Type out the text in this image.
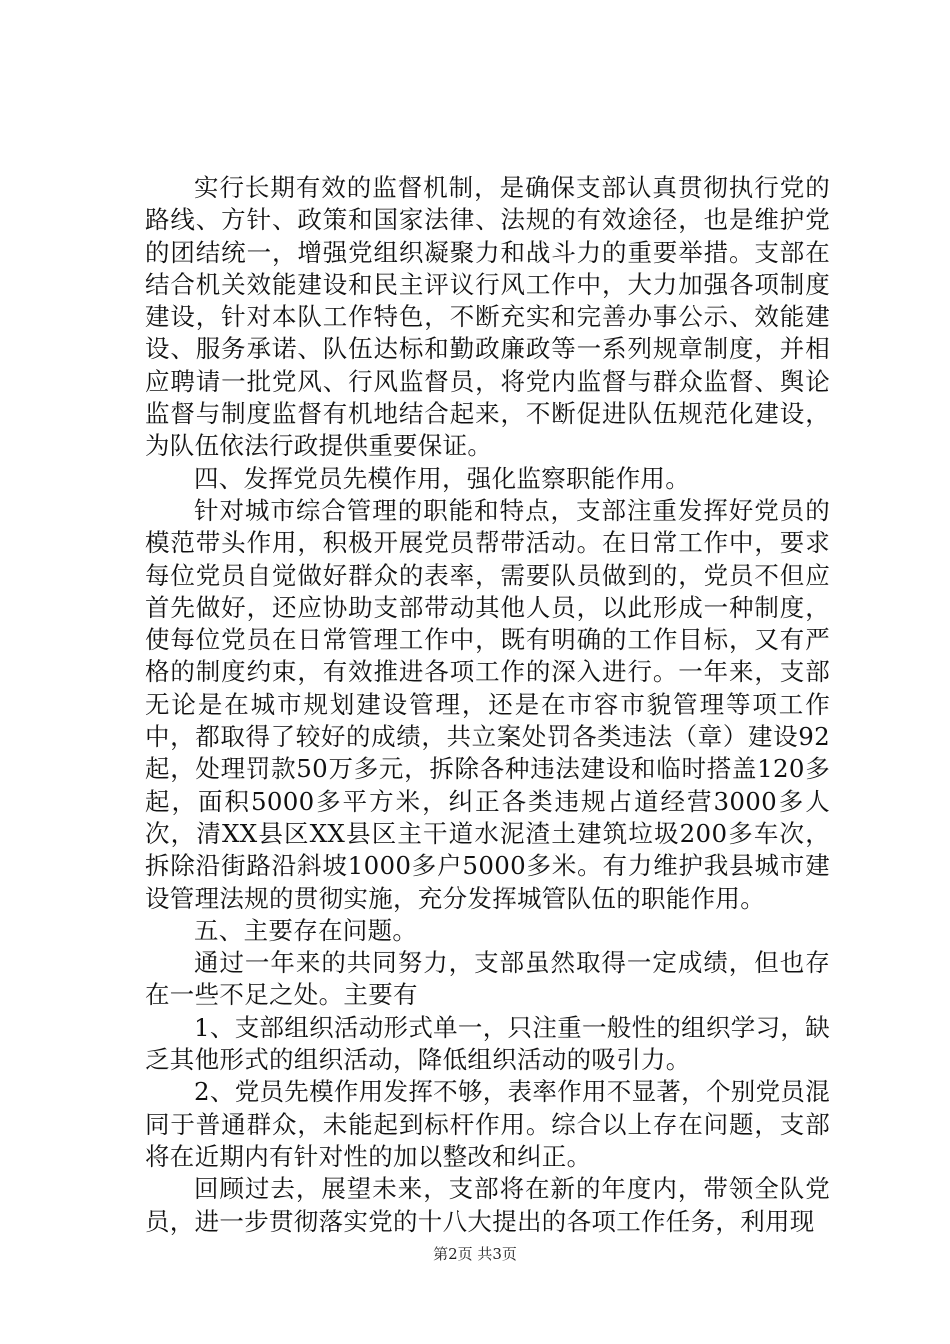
实行长期有效的监督机制，是确保支部认真贯彻执行党的路线、方针、政策和国家法律、法规的有效途径，也是维护党的团结统一，增强党组织凝聚力和战斗力的重要举措。支部在结合机关效能建设和民主评议行风工作中，大力加强各项制度建设，针对本队工作特色，不断充实和完善办事公示、效能建设、服务承诺、队伍达标和勤政廉政等一系列规章制度，并相应聘请一批党风、行风监督员，将党内监督与群众监督、舆论监督与制度监督有机地结合起来，不断促进队伍规范化建设，为队伍依法行政提供重要保证。

四、发挥党员先模作用，强化监察职能作用。

针对城市综合管理的职能和特点，支部注重发挥好党员的模范带头作用，积极开展党员帮带活动。在日常工作中，要求每位党员自觉做好群众的表率，需要队员做到的，党员不但应首先做好，还应协助支部带动其他人员，以此形成一种制度，使每位党员在日常管理工作中，既有明确的工作目标，又有严格的制度约束，有效推进各项工作的深入进行。一年来，支部无论是在城市规划建设管理，还是在市容市貌管理等项工作中，都取得了较好的成绩，共立案处罚各类违法（章）建设92起，处理罚款50万多元，拆除各种违法建设和临时搭盖120多起，面积5000多平方米，纠正各类违规占道经营3000多人次，清XX县区XX县区主干道水泥渣土建筑垃圾200多车次，拆除沿街路沿斜坡1000多户5000多米。有力维护我县城市建设管理法规的贯彻实施，充分发挥城管队伍的职能作用。

五、主要存在问题。

通过一年来的共同努力，支部虽然取得一定成绩，但也存在一些不足之处。主要有

1、支部组织活动形式单一，只注重一般性的组织学习，缺乏其他形式的组织活动，降低组织活动的吸引力。

2、党员先模作用发挥不够，表率作用不显著，个别党员混同于普通群众，未能起到标杆作用。综合以上存在问题，支部将在近期内有针对性的加以整改和纠正。

回顾过去，展望未来，支部将在新的年度内，带领全队党员，进一步贯彻落实党的十八大提出的各项工作任务，利用现

第2页 共3页
